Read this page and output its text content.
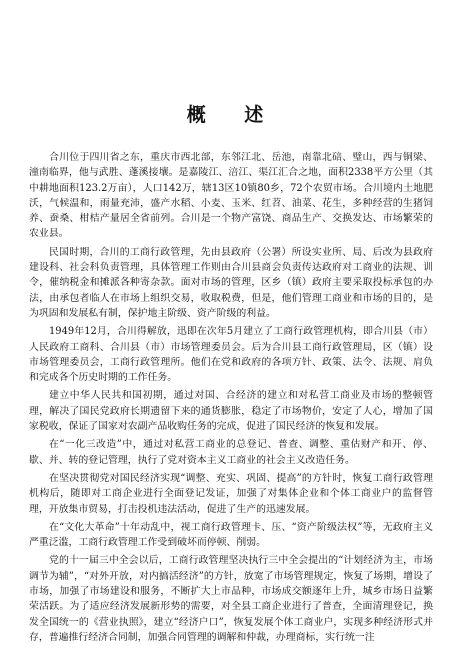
概 述

合川位于四川省之东，重庆市西北部，东邻江北、岳池，南靠北碚、璧山，西与铜梁、潼南临界，他与武胜、蓬溪接壤。是嘉陵江、涪江、渠江汇合之地，面积2338平方公里（其中耕地面积123.2万亩），人口142万，辖13区10镇80乡，72个农贸市场。合川境内土地肥沃，气候温和，雨量充沛，盛产水稻、小麦、玉米、红苕、油菜、花生，多种经营的生猪饲养、蚕桑、柑桔产量居全省前列。合川是一个物产富饶、商品生产、交换发达、市场繁荣的农业县。

民国时期，合川的工商行政管理，先由县政府（公署）所设实业所、局、后改为县政府建设科、社会科负责管理，具体管理工作则由合川县商会负责传达政府对工商业的法规、训令，催纳税金和摊派各种寄杂款。面对市场的管理，区乡（镇）政府主要采取投标承包的办法，由承包者临人在市场上组织交易，收取税费，但是，他们管理工商业和市场的目的，是为巩固和发展私有制，保护地主阶级、资产阶级的利益。

1949年12月，合川得解放，迅即在次年5月建立了工商行政管理机构，即合川县（市）人民政府工商科、合川县（市）市场管理委员会。后为合川县工商行政管理局，区（镇）设市场管理委员会，工商行政管理所。他们在党和政府的各项方针、政策、法令、法规、肩负和完成各个历史时期的工作任务。

建立中华人民共和国初期，通过对国、合经济的建立和对私营工商业及市场的整顿管理，解决了国民党政府长期遗留下来的通货膨胀，稳定了市场物价，安定了人心，增加了国家税收，保证了国家对农副产品收购任务的完成，促进了国民经济的恢复和发展。

在“一化三改造”中，通过对私营工商业的总登记、普查、调整、重估财产和开、停、歇、并、转的登记管理，执行了党对资本主义工商业的社会主义改造任务。

在坚决贯彻党对国民经济实现“调整、充实、巩固、提高”的方针时，恢复工商行政管理机构后，随即对工商企业进行全面登记发证，加强了对集体企业和个体工商业户的监督管理，开放集市贸易，打击投机违法活动，促进了生产的迅速发展。

在“文化大革命”十年动乱中，视工商行政管理卡、压、“资产阶级法权”等，无政府主义严重泛滥，工商行政管理工作受到破坏而停顿、削弱。

党的十一届三中全会以后，工商行政管理坚决执行三中全会提出的“计划经济为主，市场调节为辅”，“对外开放，对内搞活经济”的方针，放宽了市场管理规定，恢复了场期，增设了市场，加强了市场建设和服务，不断扩大上市品种，市场成交额逐年上升，城乡市场日益繁荣活跃。为了适应经济发展新形势的需要，对全县工商企业进行了普查，全面清理登记，换发全国统一的《营业执照》，建立“经济户口”，恢复发展个体工商业户，实现多种经济形式并存，普遍推行经济合同制，加强合同管理的调解和仲裁，办理商标，实行统一注
